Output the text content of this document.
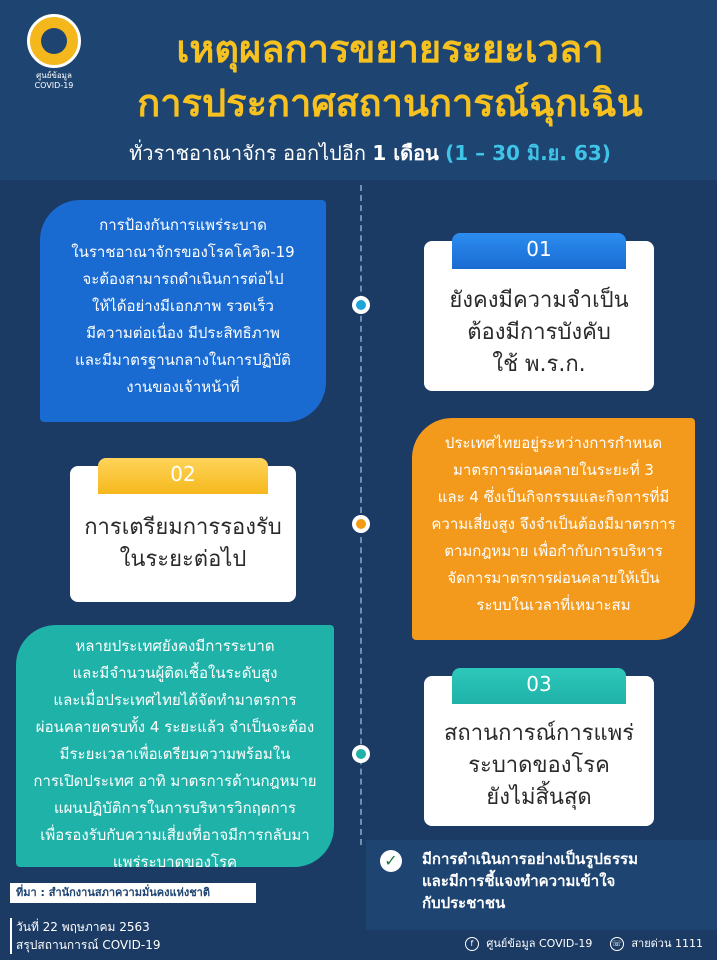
ศูนย์ข้อมูล
COVID-19
เหตุผลการขยายระยะเวลา
การประกาศสถานการณ์ฉุกเฉิน
ทั่วราชอาณาจักร ออกไปอีก 1 เดือน (1 – 30 มิ.ย. 63)
การป้องกันการแพร่ระบาด
ในราชอาณาจักรของโรคโควิด-19
จะต้องสามารถดำเนินการต่อไป
ให้ได้อย่างมีเอกภาพ รวดเร็ว
มีความต่อเนื่อง มีประสิทธิภาพ
และมีมาตรฐานกลางในการปฏิบัติ
งานของเจ้าหน้าที่
01
ยังคงมีความจำเป็น
ต้องมีการบังคับ
ใช้ พ.ร.ก.
02
การเตรียมการรองรับ
ในระยะต่อไป
ประเทศไทยอยู่ระหว่างการกำหนด
มาตรการผ่อนคลายในระยะที่ 3
และ 4 ซึ่งเป็นกิจกรรมและกิจการที่มี
ความเสี่ยงสูง จึงจำเป็นต้องมีมาตรการ
ตามกฎหมาย เพื่อกำกับการบริหาร
จัดการมาตรการผ่อนคลายให้เป็น
ระบบในเวลาที่เหมาะสม
หลายประเทศยังคงมีการระบาด
และมีจำนวนผู้ติดเชื้อในระดับสูง
และเมื่อประเทศไทยได้จัดทำมาตรการ
ผ่อนคลายครบทั้ง 4 ระยะแล้ว จำเป็นจะต้อง
มีระยะเวลาเพื่อเตรียมความพร้อมใน
การเปิดประเทศ อาทิ มาตรการด้านกฎหมาย
แผนปฏิบัติการในการบริหารวิกฤตการ
เพื่อรองรับกับความเสี่ยงที่อาจมีการกลับมา
แพร่ระบาดของโรค
03
สถานการณ์การแพร่
ระบาดของโรค
ยังไม่สิ้นสุด
มีการดำเนินการอย่างเป็นรูปธรรม
และมีการชี้แจงทำความเข้าใจ
กับประชาชน
✓
ที่มา : สำนักงานสภาความมั่นคงแห่งชาติ
วันที่ 22 พฤษภาคม 2563
สรุปสถานการณ์ COVID-19	f ศูนย์ข้อมูล COVID-19 ☏ สายด่วน 1111
